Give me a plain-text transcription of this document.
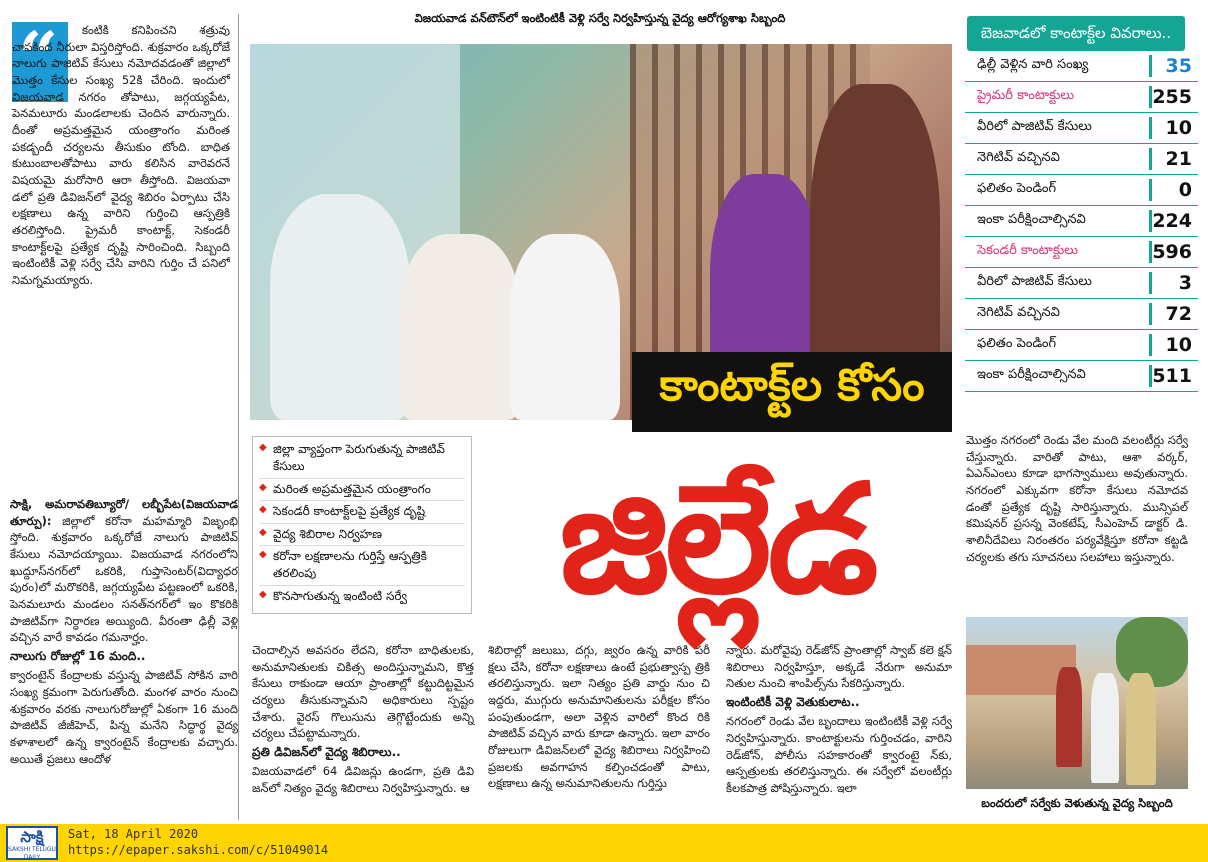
“	కంటికి కనిపించని శత్రువు చాపకింద నీరులా విస్తరిస్తోంది. శుక్రవారం ఒక్కరోజే నాలుగు పాజిటివ్ కేసులు నమోదవడంతో జిల్లాలో మొత్తం కేసుల సంఖ్య 52కి చేరింది. ఇందులో విజయవాడ నగరం తోపాటు, జగ్గయ్యపేట, పెనమలూరు మండలాలకు చెందిన వారున్నారు. దీంతో అప్రమత్తమైన యంత్రాంగం మరింత పకడ్బందీ చర్యలను తీసుకుం టోంది. బాధిత కుటుంబాలతోపాటు వారు కలిసిన వారెవరనే విషయమై మరోసారి ఆరా తీస్తోంది. విజయవా డలో ప్రతి డివిజన్‌లో వైద్య శిబిరం ఏర్పాటు చేసి లక్షణాలు ఉన్న వారిని గుర్తించి ఆస్పత్రికి తరలిస్తోంది. ప్రైమరీ కాంటాక్ట్, సెకండరీ కాంటాక్ట్‌లపై ప్రత్యేక దృష్టి సారించింది. సిబ్బంది ఇంటింటికీ వెళ్లి సర్వే చేసి వారిని గుర్తిం చే పనిలో నిమగ్నమయ్యారు.

సాక్షి, అమరావతిబ్యూరో/ లబ్బీపేట(విజయవాడ తూర్పు): జిల్లాలో కరోనా మహమ్మారి విజృంభి స్తోంది. శుక్రవారం ఒక్కరోజే నాలుగు పాజిటివ్ కేసులు నమోదయ్యాయి. విజయవాడ నగరంలోని ఖుద్దూస్‌నగర్‌లో ఒకరికి, గుప్తాసెంటర్(విద్యాధర పురం)లో మరొకరికి, జగ్గయ్యపేట పట్టణంలో ఒకరికి, పెనమలూరు మండలం సనత్‌నగర్‌లో ఇం కొకరికి పాజిటివ్‌గా నిర్ధారణ అయ్యింది. వీరంతా ఢిల్లీ వెళ్లి వచ్చిన వారే కావడం గమనార్హం.

నాలుగు రోజుల్లో 16 మంది..

క్వారంటైన్ కేంద్రాలకు వస్తున్న పాజిటివ్ సోకిన వారి సంఖ్య క్రమంగా పెరుగుతోంది. మంగళ వారం నుంచి శుక్రవారం వరకు నాలుగురోజుల్లో ఏకంగా 16 మంది పాజిటివ్ జీజీహెచ్, పిన్న మనేని సిద్ధార్థ వైద్య కళాశాలలో ఉన్న క్వారంటైన్ కేంద్రాలకు వచ్చారు. అయితే ప్రజలు ఆందోళ

విజయవాడ వన్‌టౌన్‌లో ఇంటింటికీ వెళ్లి సర్వే నిర్వహిస్తున్న వైద్య ఆరోగ్యశాఖ సిబ్బంది
కాంటాక్ట్‌ల కోసం
◆ జిల్లా వ్యాప్తంగా పెరుగుతున్న పాజిటివ్ కేసులు
◆ మరింత అప్రమత్తమైన యంత్రాంగం
◆ సెకండరీ కాంటాక్ట్‌లపై ప్రత్యేక దృష్టి
◆ వైద్య శిబిరాల నిర్వహణ
◆ కరోనా లక్షణాలను గుర్తిస్తే ఆస్పత్రికి తరలింపు
◆ కొనసాగుతున్న ఇంటింటి సర్వే	జిల్లేడ

చెందాల్సిన అవసరం లేదని, కరోనా బాధితులకు, అనుమానితులకు చికిత్స అందిస్తున్నామని, కొత్త కేసులు రాకుండా ఆయా ప్రాంతాల్లో కట్టుదిట్టమైన చర్యలు తీసుకున్నామని అధికారులు స్పష్టం చేశారు. వైరస్ గొలుసును తెగ్గొట్టేందుకు అన్ని చర్యలు చేపట్టామన్నారు.

ప్రతి డివిజన్‌లో వైద్య శిబిరాలు..

విజయవాడలో 64 డివిజన్లు ఉండగా, ప్రతి డివి జన్‌లో నిత్యం వైద్య శిబిరాలు నిర్వహిస్తున్నారు. ఆ

శిబిరాల్లో జలుబు, దగ్గు, జ్వరం ఉన్న వారికి పరీ క్షలు చేసి, కరోనా లక్షణాలు ఉంటే ప్రభుత్వాస్ప త్రికి తరలిస్తున్నారు. ఇలా నిత్యం ప్రతి వార్డు నుం చి ఇద్దరు, ముగ్గురు అనుమానితులను పరీక్షల కోసం పంపుతుండగా, అలా వెళ్లిన వారిలో కొంద రికి పాజిటివ్ వచ్చిన వారు కూడా ఉన్నారు. ఇలా వారం రోజులుగా డివిజన్‌లలో వైద్య శిబిరాలు నిర్వహించి ప్రజలకు అవగాహన కల్పించడంతో పాటు, లక్షణాలు ఉన్న అనుమానితులను గుర్తిస్తు

న్నారు. మరోవైపు రెడ్‌జోన్ ప్రాంతాల్లో స్వాబ్ కలె క్షన్ శిబిరాలు నిర్వహిస్తూ, అక్కడే నేరుగా అనుమా నితుల నుంచి శాంపిల్స్‌ను సేకరిస్తున్నారు.

ఇంటింటికీ వెళ్లి వెతుకులాట..

నగరంలో రెండు వేల బృందాలు ఇంటింటికీ వెళ్లి సర్వే నిర్వహిస్తున్నారు. కాంటాక్టులను గుర్తించడం, వారిని రెడ్‌జోన్, పోలీసు సహకారంతో క్వారంటై న్‌కు, ఆస్పత్రులకు తరలిస్తున్నారు. ఈ సర్వేలో వలంటీర్లు కీలకపాత్ర పోషిస్తున్నారు. ఇలా

బెజవాడలో కాంటాక్ట్‌ల వివరాలు..
ఢిల్లీ వెళ్లిన వారి సంఖ్య	35
ప్రైమరీ కాంటాక్టులు	255
వీరిలో పాజిటివ్ కేసులు	10
నెగిటివ్ వచ్చినవి	21
ఫలితం పెండింగ్	0
ఇంకా పరీక్షించాల్సినవి	224
సెకండరీ కాంటాక్టులు	596
వీరిలో పాజిటివ్ కేసులు	3
నెగిటివ్ వచ్చినవి	72
ఫలితం పెండింగ్	10
ఇంకా పరీక్షించాల్సినవి	511

మొత్తం నగరంలో రెండు వేల మంది వలంటీర్లు సర్వే చేస్తున్నారు. వారితో పాటు, ఆశా వర్కర్, ఏఎన్‌ఎంలు కూడా భాగస్వాములు అవుతున్నారు. నగరంలో ఎక్కువగా కరోనా కేసులు నమోదవ డంతో ప్రత్యేక దృష్టి సారిస్తున్నారు. మున్సిపల్ కమిషనర్ ప్రసన్న వెంకటేష్, సీఎంహెచ్ డాక్టర్ డి. శాలినీదేవిలు నిరంతరం పర్యవేక్షిస్తూ కరోనా కట్టడి చర్యలకు తగు సూచనలు సలహాలు ఇస్తున్నారు.

బందరులో సర్వేకు వెళుతున్న వైద్య సిబ్బంది
సాక్షి
SAKSHI TELUGU DAILY
Sat, 18 April 2020
https://epaper.sakshi.com/c/51049014
